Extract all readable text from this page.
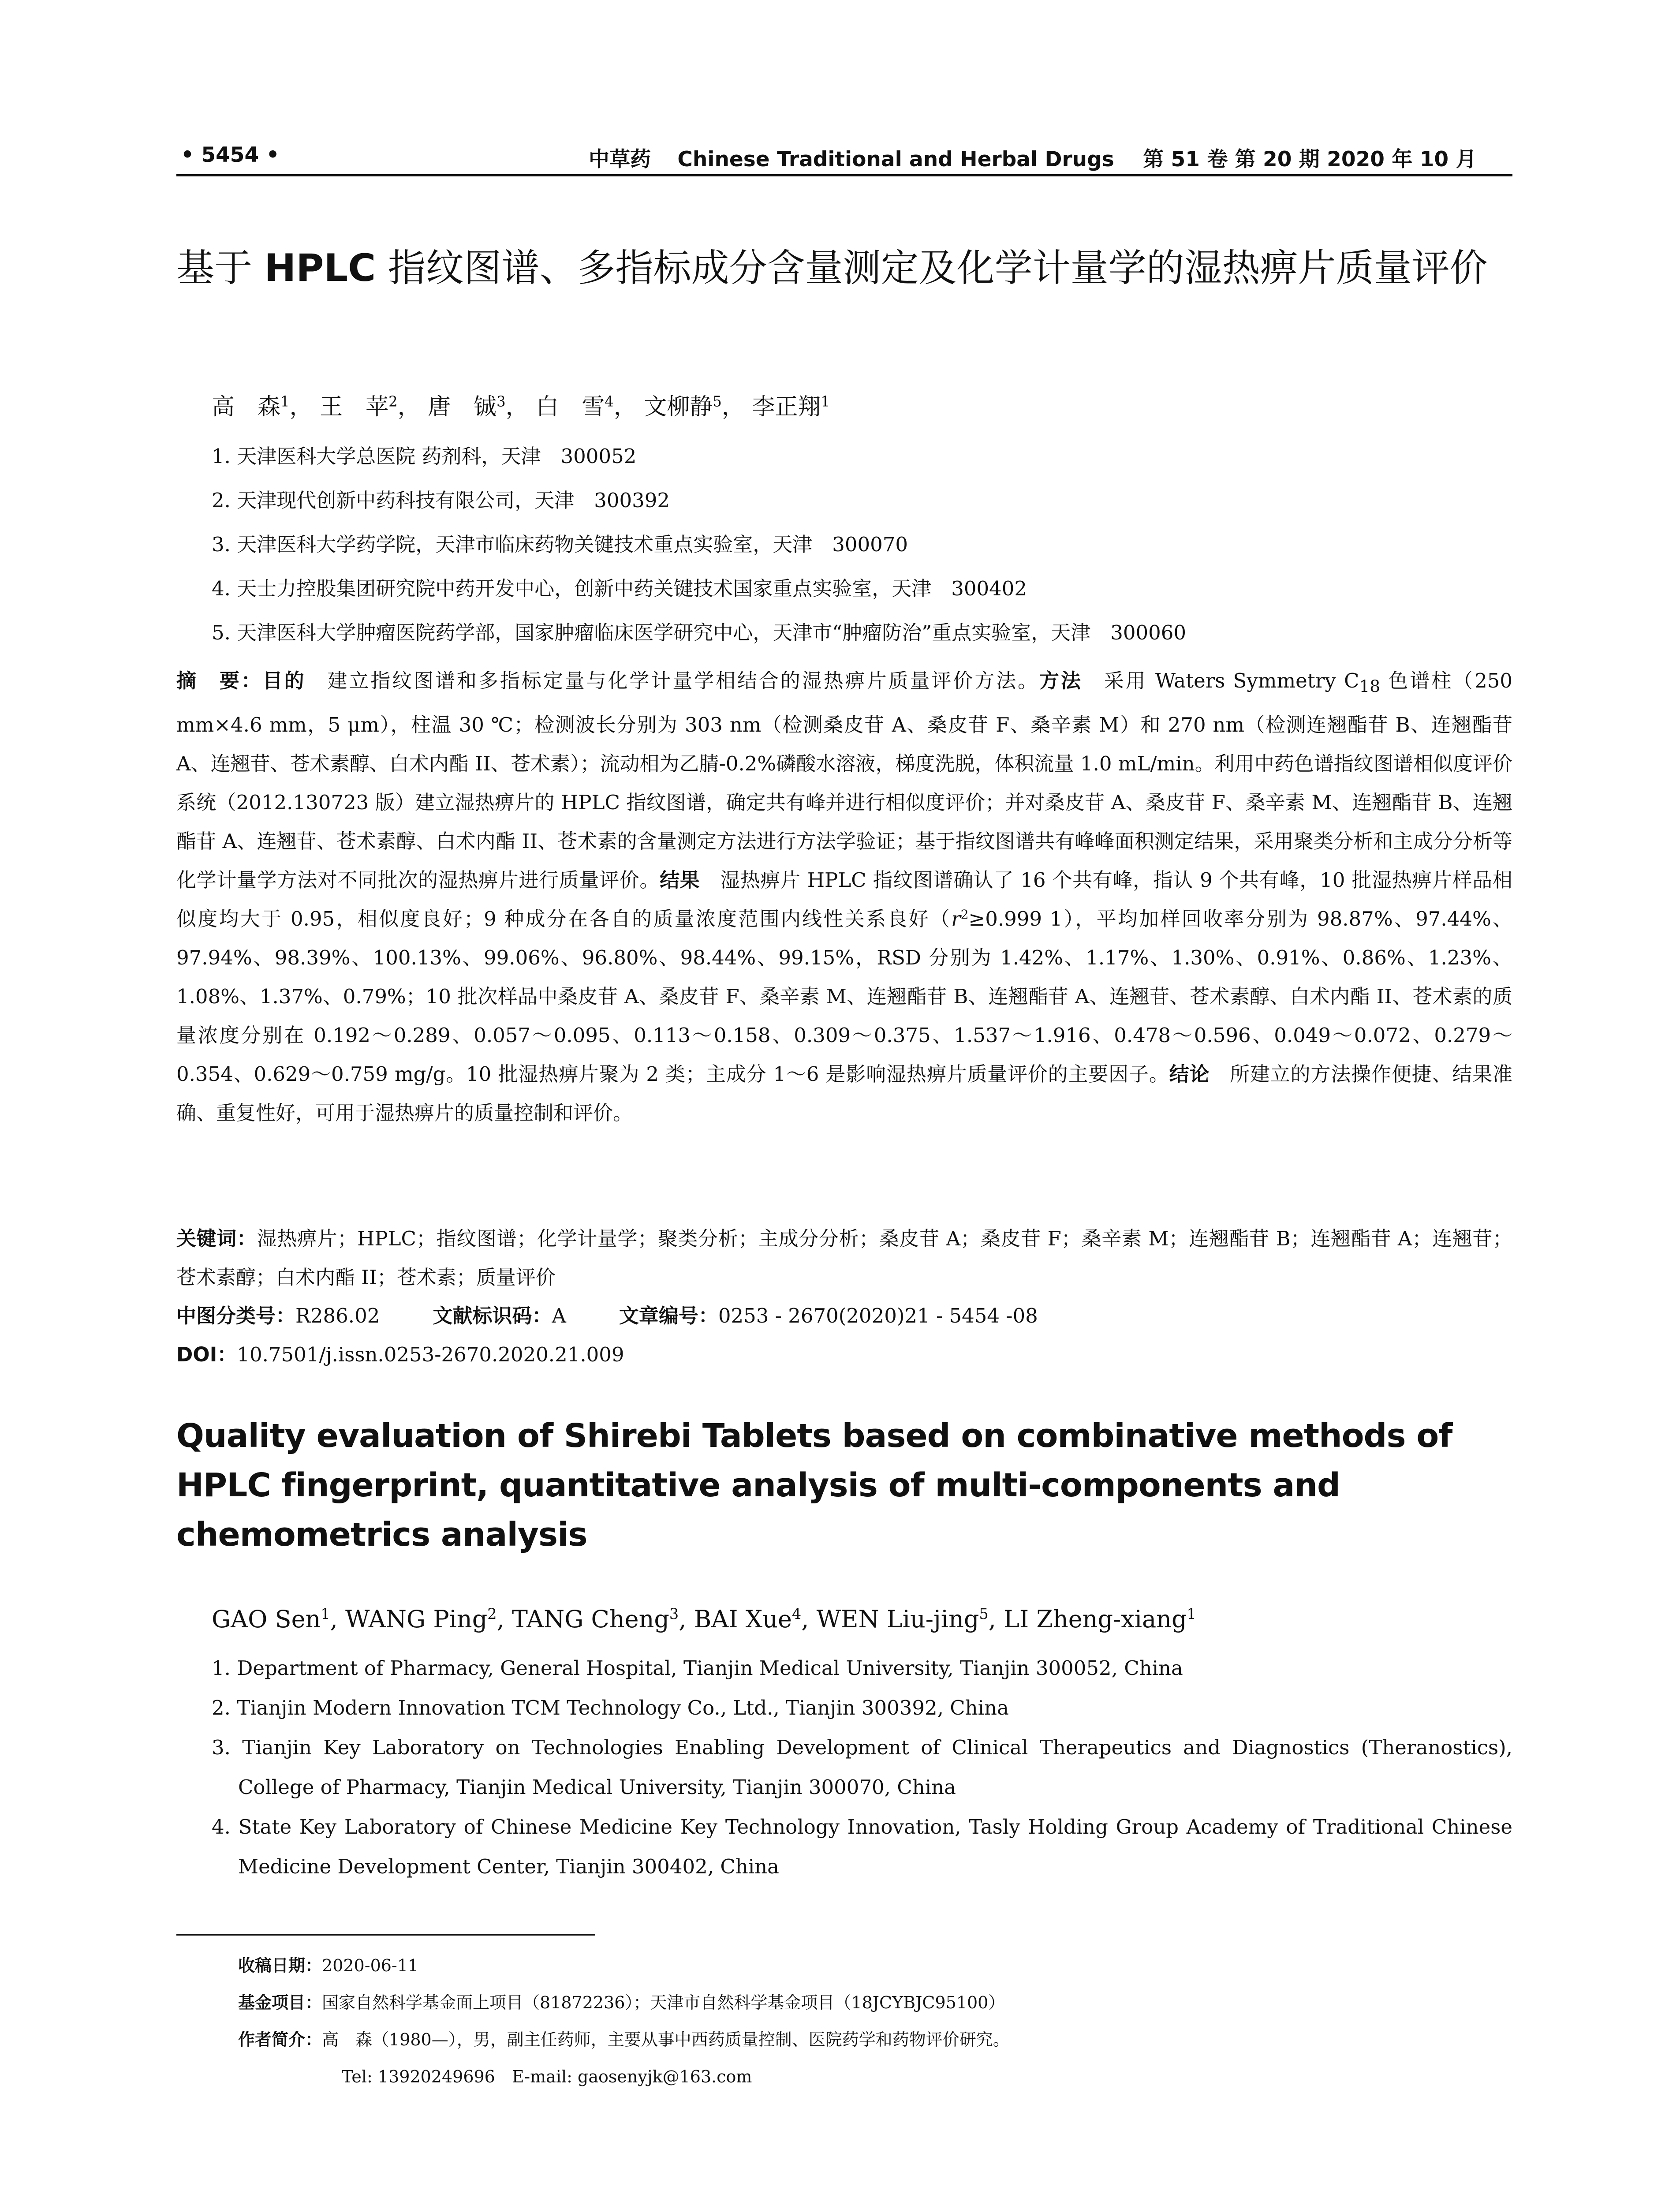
• 5454 •	中草药 Chinese Traditional and Herbal Drugs 第 51 卷 第 20 期 2020 年 10 月
基于 HPLC 指纹图谱、多指标成分含量测定及化学计量学的湿热痹片质量评价
高　森$^1$， 王　苹$^2$， 唐　铖$^3$， 白　雪$^4$， 文柳静$^5$， 李正翔$^1$
1. 天津医科大学总医院 药剂科，天津　300052
2. 天津现代创新中药科技有限公司，天津　300392
3. 天津医科大学药学院，天津市临床药物关键技术重点实验室，天津　300070
4. 天士力控股集团研究院中药开发中心，创新中药关键技术国家重点实验室，天津　300402
5. 天津医科大学肿瘤医院药学部，国家肿瘤临床医学研究中心，天津市“肿瘤防治”重点实验室，天津　300060

摘　要：目的　建立指纹图谱和多指标定量与化学计量学相结合的湿热痹片质量评价方法。方法　采用 Waters Symmetry $C_{18}$ 色谱柱（250 mm×4.6 mm，5 μm），柱温 30 ℃；检测波长分别为 303 nm（检测桑皮苷 A、桑皮苷 F、桑辛素 M）和 270 nm（检测连翘酯苷 B、连翘酯苷 A、连翘苷、苍术素醇、白术内酯 II、苍术素）；流动相为乙腈-0.2%磷酸水溶液，梯度洗脱，体积流量 1.0 mL/min。利用中药色谱指纹图谱相似度评价系统（2012.130723 版）建立湿热痹片的 HPLC 指纹图谱，确定共有峰并进行相似度评价；并对桑皮苷 A、桑皮苷 F、桑辛素 M、连翘酯苷 B、连翘酯苷 A、连翘苷、苍术素醇、白术内酯 II、苍术素的含量测定方法进行方法学验证；基于指纹图谱共有峰峰面积测定结果，采用聚类分析和主成分分析等化学计量学方法对不同批次的湿热痹片进行质量评价。结果　湿热痹片 HPLC 指纹图谱确认了 16 个共有峰，指认 9 个共有峰，10 批湿热痹片样品相似度均大于 0.95，相似度良好；9 种成分在各自的质量浓度范围内线性关系良好（$r^2\ge 0.999$ 1），平均加样回收率分别为 98.87%、97.44%、97.94%、98.39%、100.13%、99.06%、96.80%、98.44%、99.15%，RSD 分别为 1.42%、1.17%、1.30%、0.91%、0.86%、1.23%、1.08%、1.37%、0.79%；10 批次样品中桑皮苷 A、桑皮苷 F、桑辛素 M、连翘酯苷 B、连翘酯苷 A、连翘苷、苍术素醇、白术内酯 II、苍术素的质量浓度分别在 0.192～0.289、0.057～0.095、0.113～0.158、0.309～0.375、1.537～1.916、0.478～0.596、0.049～0.072、0.279～0.354、0.629～0.759 mg/g。10 批湿热痹片聚为 2 类；主成分 1～6 是影响湿热痹片质量评价的主要因子。结论　所建立的方法操作便捷、结果准确、重复性好，可用于湿热痹片的质量控制和评价。

关键词：湿热痹片；HPLC；指纹图谱；化学计量学；聚类分析；主成分分析；桑皮苷 A；桑皮苷 F；桑辛素 M；连翘酯苷 B；连翘酯苷 A；连翘苷；苍术素醇；白术内酯 II；苍术素；质量评价
中图分类号：R286.02	文献标识码：A	文章编号：0253 - 2670(2020)21 - 5454 -08
DOI：10.7501/j.issn.0253-2670.2020.21.009
Quality evaluation of Shirebi Tablets based on combinative methods of HPLC fingerprint, quantitative analysis of multi-components and chemometrics analysis
GAO Sen$^1$, WANG Ping$^2$, TANG Cheng$^3$, BAI Xue$^4$, WEN Liu-jing$^5$, LI Zheng-xiang$^1$
1. Department of Pharmacy, General Hospital, Tianjin Medical University, Tianjin 300052, China
2. Tianjin Modern Innovation TCM Technology Co., Ltd., Tianjin 300392, China
3. Tianjin Key Laboratory on Technologies Enabling Development of Clinical Therapeutics and Diagnostics (Theranostics), College of Pharmacy, Tianjin Medical University, Tianjin 300070, China
4. State Key Laboratory of Chinese Medicine Key Technology Innovation, Tasly Holding Group Academy of Traditional Chinese Medicine Development Center, Tianjin 300402, China
收稿日期：2020-06-11
基金项目：国家自然科学基金面上项目（81872236）；天津市自然科学基金项目（18JCYBJC95100）
作者简介：高　森（1980—），男，副主任药师，主要从事中西药质量控制、医院药学和药物评价研究。
Tel: 13920249696　E-mail: gaosenyjk@163.com
